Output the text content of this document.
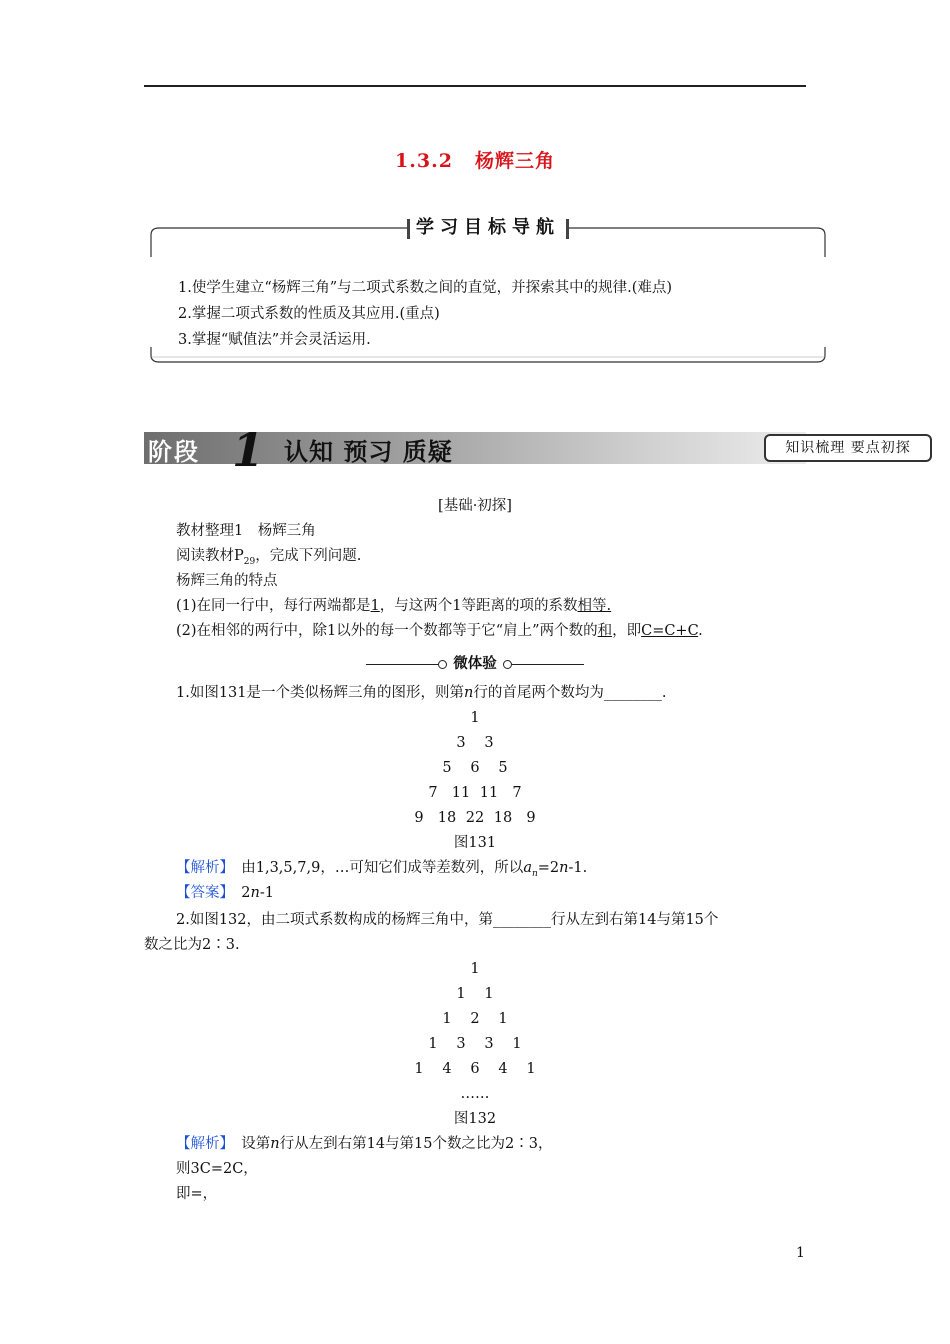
1.3.2 杨辉三角
学习目标导航
1.使学生建立“杨辉三角”与二项式系数之间的直觉，并探索其中的规律.(难点)
2.掌握二项式系数的性质及其应用.(重点)
3.掌握“赋值法”并会灵活运用.
阶段 1 认知 预习 质疑	知识梳理 要点初探
[基础·初探]
教材整理1　杨辉三角
阅读教材$P_{29}$，完成下列问题.
杨辉三角的特点
(1)在同一行中，每行两端都是1，与这两个1等距离的项的系数相等.
(2)在相邻的两行中，除1以外的每一个数都等于它“肩上”两个数的和，即C=C+C.
微体验
1.如图131是一个类似杨辉三角的图形，则第n行的首尾两个数均为________.
1
3 3
5 6 5
7 11 11 7
9 18 22 18 9
图131
【解析】　由1,3,5,7,9，…可知它们成等差数列，所以$a_n=2n-1$.
【答案】　2n-1
2.如图132，由二项式系数构成的杨辉三角中，第________行从左到右第14与第15个
数之比为2∶3.
1
1 1
1 2 1
1 3 3 1
1 4 6 4 1
……
图132
【解析】　设第n行从左到右第14与第15个数之比为2∶3，
则3C=2C，
即=，
1
